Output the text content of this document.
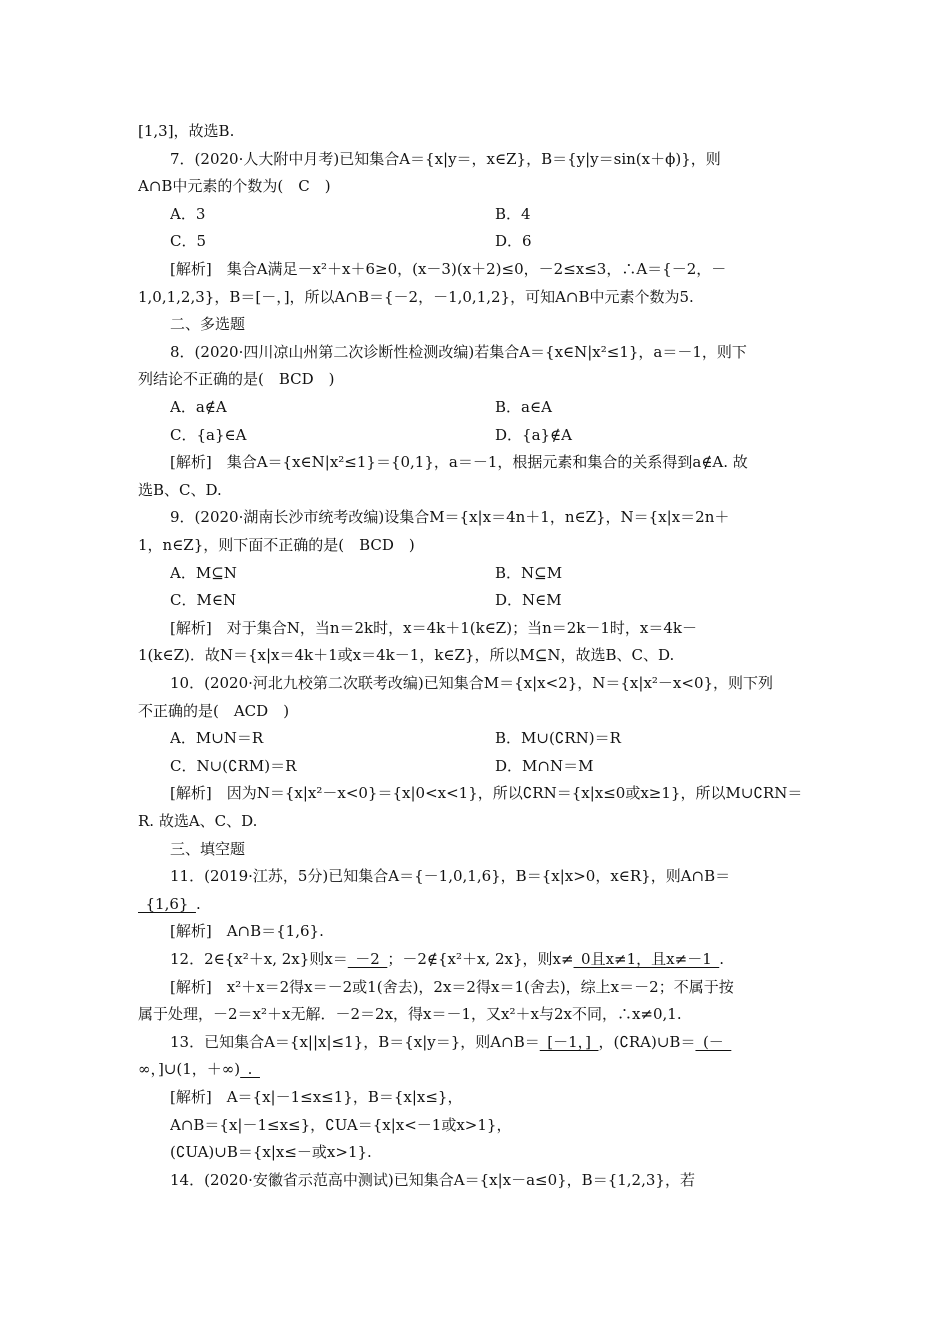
[1,3]，故选B.
7．(2020·人大附中月考)已知集合A＝{x|y＝，x∈Z}，B＝{y|y＝sin(x＋ϕ)}，则
A∩B中元素的个数为(　C　)
A．3	B．4
C．5	D．6
[解析]　集合A满足－x²＋x＋6≥0，(x－3)(x＋2)≤0，－2≤x≤3，∴A＝{－2，－
1,0,1,2,3}，B＝[－，]，所以A∩B＝{－2，－1,0,1,2}，可知A∩B中元素个数为5.
二、多选题
8．(2020·四川凉山州第二次诊断性检测改编)若集合A＝{x∈N|x²≤1}，a＝－1，则下
列结论不正确的是(　BCD　)
A．a∉A	B．a∈A
C．{a}∈A	D．{a}∉A
[解析]　集合A＝{x∈N|x²≤1}＝{0,1}，a＝－1，根据元素和集合的关系得到a∉A. 故
选B、C、D.
9．(2020·湖南长沙市统考改编)设集合M＝{x|x＝4n＋1，n∈Z}，N＝{x|x＝2n＋
1，n∈Z}，则下面不正确的是(　BCD　)
A．M⊆N	B．N⊆M
C．M∈N	D．N∈M
[解析]　对于集合N，当n＝2k时，x＝4k＋1(k∈Z)；当n＝2k－1时，x＝4k－
1(k∈Z)．故N＝{x|x＝4k＋1或x＝4k－1，k∈Z}，所以M⊆N，故选B、C、D.
10．(2020·河北九校第二次联考改编)已知集合M＝{x|x<2}，N＝{x|x²－x<0}，则下列
不正确的是(　ACD　)
A．M∪N＝R	B．M∪(∁RN)＝R
C．N∪(∁RM)＝R	D．M∩N＝M
[解析]　因为N＝{x|x²－x<0}＝{x|0<x<1}，所以∁RN＝{x|x≤0或x≥1}，所以M∪∁RN＝
R. 故选A、C、D.
三、填空题
11．(2019·江苏，5分)已知集合A＝{－1,0,1,6}，B＝{x|x>0，x∈R}，则A∩B＝
 {1,6} .
[解析]　A∩B＝{1,6}.
12．2∈{x²＋x, 2x}则x＝ －2 ；－2∉{x²＋x, 2x}，则x≠ 0且x≠1，且x≠－1 .
[解析]　x²＋x＝2得x＝－2或1(舍去)，2x＝2得x＝1(舍去)，综上x＝－2；不属于按
属于处理，－2＝x²＋x无解．－2＝2x，得x＝－1，又x²＋x与2x不同，∴x≠0,1.
13．已知集合A＝{x||x|≤1}，B＝{x|y＝}，则A∩B＝ [－1，] ，(∁RA)∪B＝ (－ 
∞，]∪(1，＋∞) . 
[解析]　A＝{x|－1≤x≤1}，B＝{x|x≤}，
A∩B＝{x|－1≤x≤}，∁UA＝{x|x<－1或x>1}，
(∁UA)∪B＝{x|x≤－或x>1}.
14．(2020·安徽省示范高中测试)已知集合A＝{x|x－a≤0}，B＝{1,2,3}，若
